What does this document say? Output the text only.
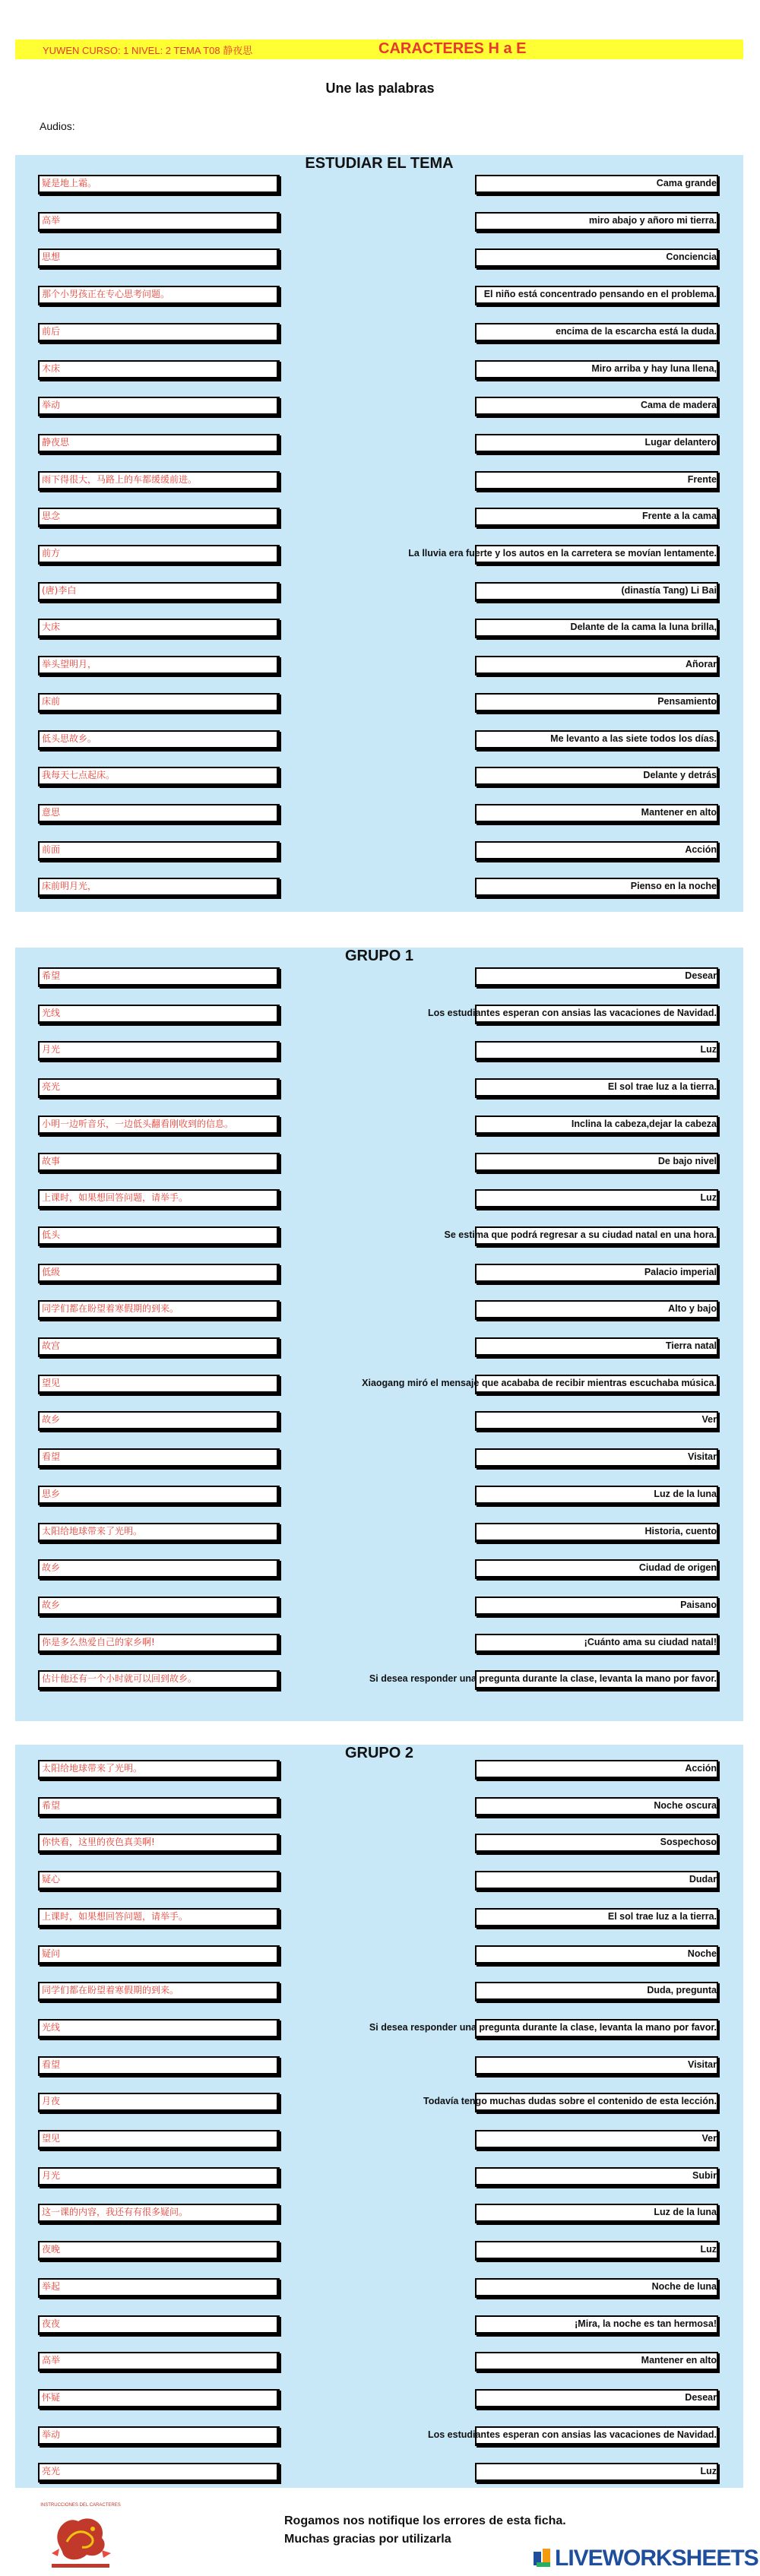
YUWEN CURSO: 1 NIVEL: 2 TEMA T08 静夜思	CARACTERES H a E
Une las palabras
Audios:
ESTUDIAR EL TEMA
疑是地上霜。	Cama grande
高举	miro abajo y añoro mi tierra.
思想	Conciencia
那个小男孩正在专心思考问题。	El niño está concentrado pensando en el problema.
前后	encima de la escarcha está la duda.
木床	Miro arriba y hay luna llena,
举动	Cama de madera
静夜思	Lugar delantero
雨下得很大，马路上的车都缓缓前进。	Frente
思念	Frente a la cama
前方	La lluvia era fuerte y los autos en la carretera se movían lentamente.
(唐)李白	(dinastía Tang) Li Bai
大床	Delante de la cama la luna brilla,
举头望明月，	Añorar
床前	Pensamiento
低头思故乡。	Me levanto a las siete todos los días.
我每天七点起床。	Delante y detrás
意思	Mantener en alto
前面	Acción
床前明月光，	Pienso en la noche
GRUPO 1
希望	Desear
光线	Los estudiantes esperan con ansias las vacaciones de Navidad.
月光	Luz
亮光	El sol trae luz a la tierra.
小明一边听音乐，一边低头翻看刚收到的信息。	Inclina la cabeza,dejar la cabeza
故事	De bajo nivel
上课时，如果想回答问题，请举手。	Luz
低头	Se estima que podrá regresar a su ciudad natal en una hora.
低级	Palacio imperial
同学们都在盼望着寒假期的到来。	Alto y bajo
故宫	Tierra natal
望见	Xiaogang miró el mensaje que acababa de recibir mientras escuchaba música.
故乡	Ver
看望	Visitar
思乡	Luz de la luna
太阳给地球带来了光明。	Historia, cuento
故乡	Ciudad de origen
故乡	Paisano
你是多么热爱自己的家乡啊!	¡Cuánto ama su ciudad natal!
估计他还有一个小时就可以回到故乡。	Si desea responder una pregunta durante la clase, levanta la mano por favor.
GRUPO 2
太阳给地球带来了光明。	Acción
希望	Noche oscura
你快看，这里的夜色真美啊!	Sospechoso
疑心	Dudar
上课时，如果想回答问题，请举手。	El sol trae luz a la tierra.
疑问	Noche
同学们都在盼望着寒假期的到来。	Duda, pregunta
光线	Si desea responder una pregunta durante la clase, levanta la mano por favor.
看望	Visitar
月夜	Todavía tengo muchas dudas sobre el contenido de esta lección.
望见	Ver
月光	Subir
这一课的内容，我还有有很多疑问。	Luz de la luna
夜晚	Luz
举起	Noche de luna
夜夜	¡Mira, la noche es tan hermosa!
高举	Mantener en alto
怀疑	Desear
举动	Los estudiantes esperan con ansias las vacaciones de Navidad.
亮光	Luz
INSTRUCCIONES DEL CARACTERES
Rogamos nos notifique los errores de esta ficha.
Muchas gracias por utilizarla
LIVEWORKSHEETS
